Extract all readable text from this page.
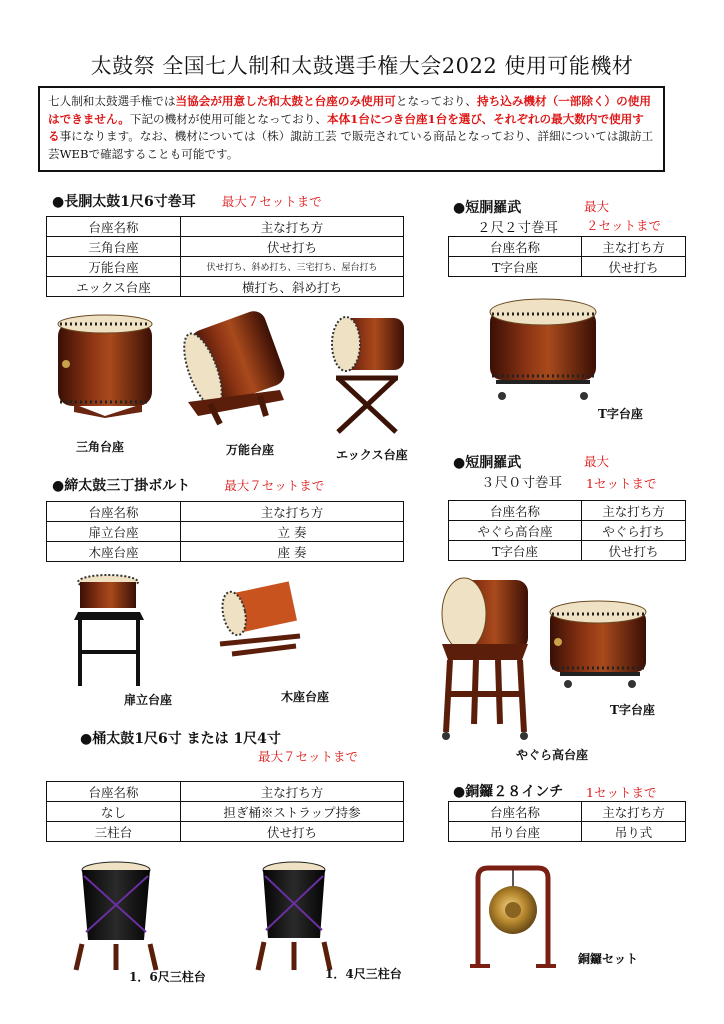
太鼓祭 全国七人制和太鼓選手権大会2022 使用可能機材
七人制和太鼓選手権では当協会が用意した和太鼓と台座のみ使用可となっており、持ち込み機材（一部除く）の使用はできません。下記の機材が使用可能となっており、本体1台につき台座1台を選び、それぞれの最大数内で使用する事になります。なお、機材については（株）諏訪工芸 で販売されている商品となっており、詳細については諏訪工芸WEBで確認することも可能です。
●長胴太鼓1尺6寸巻耳 最大７セットまで
台座名称	主な打ち方
三角台座	伏せ打ち
万能台座	伏せ打ち、斜め打ち、三宅打ち、屋台打ち
エックス台座	横打ち、斜め打ち
三角台座	万能台座	エックス台座
●短胴羅武	最大
２尺２寸巻耳 ２セットまで
台座名称	主な打ち方
T字台座	伏せ打ち
T字台座
●締太鼓三丁掛ボルト	最大７セットまで
台座名称	主な打ち方
扉立台座	立 奏
木座台座	座 奏
扉立台座	木座台座
●短胴羅武	最大
３尺０寸巻耳 1セットまで
台座名称	主な打ち方
やぐら高台座	やぐら打ち
T字台座	伏せ打ち
T字台座
やぐら高台座
●桶太鼓1尺6寸 または 1尺4寸
最大７セットまで
台座名称	主な打ち方
なし	担ぎ桶※ストラップ持参
三柱台	伏せ打ち
1．6尺三柱台	1．4尺三柱台
●銅鑼２８インチ 1セットまで
台座名称	主な打ち方
吊り台座	吊り式
銅鑼セット
